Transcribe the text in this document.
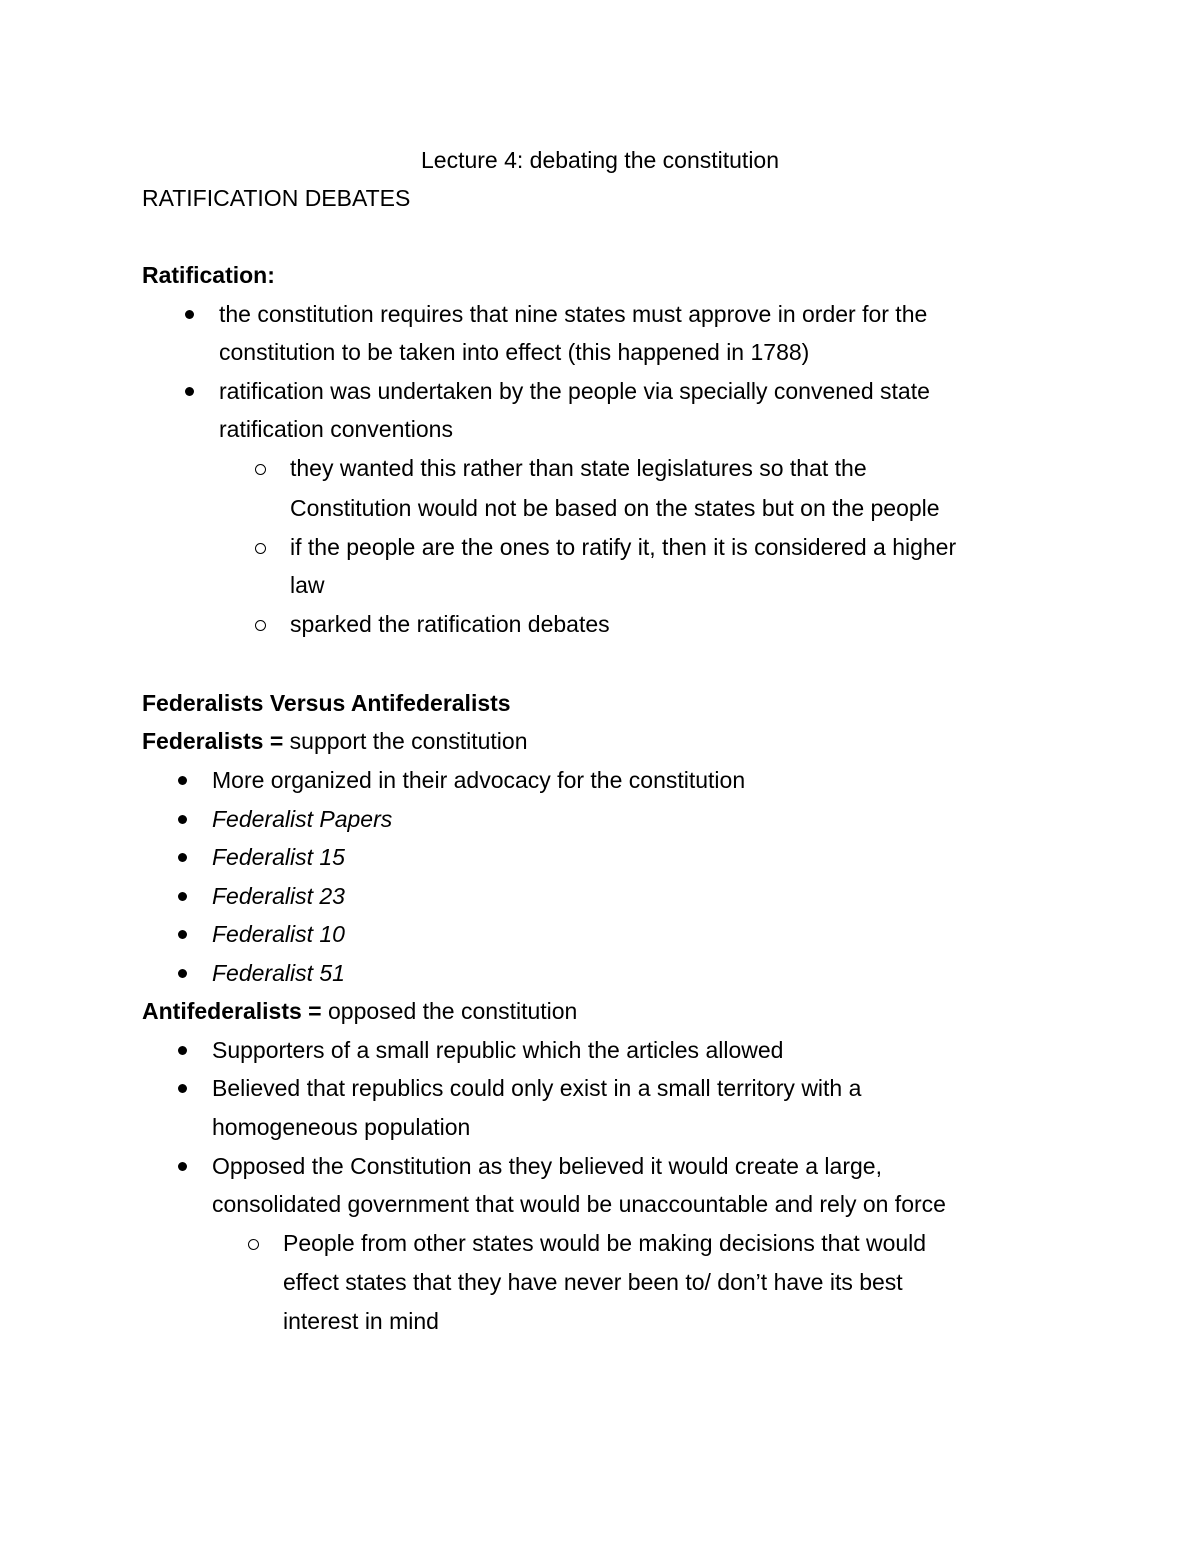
Lecture 4: debating the constitution
RATIFICATION DEBATES
Ratification:
the constitution requires that nine states must approve in order for the
constitution to be taken into effect (this happened in 1788)
ratification was undertaken by the people via specially convened state
ratification conventions
they wanted this rather than state legislatures so that the
Constitution would not be based on the states but on the people
if the people are the ones to ratify it, then it is considered a higher
law
sparked the ratification debates
Federalists Versus Antifederalists
Federalists = support the constitution
More organized in their advocacy for the constitution
Federalist Papers
Federalist 15
Federalist 23
Federalist 10
Federalist 51
Antifederalists = opposed the constitution
Supporters of a small republic which the articles allowed
Believed that republics could only exist in a small territory with a
homogeneous population
Opposed the Constitution as they believed it would create a large,
consolidated government that would be unaccountable and rely on force
People from other states would be making decisions that would
effect states that they have never been to/ don’t have its best
interest in mind
